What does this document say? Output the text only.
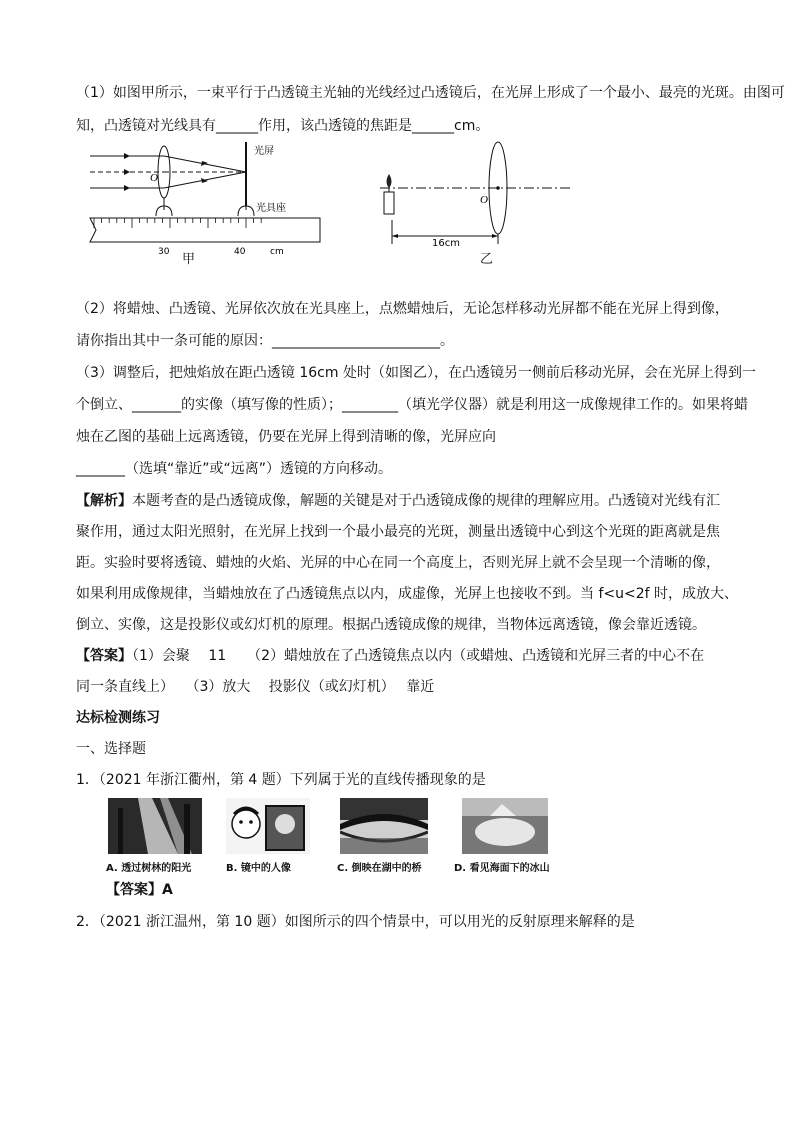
（1）如图甲所示，一束平行于凸透镜主光轴的光线经过凸透镜后，在光屏上形成了一个最小、最亮的光斑。由图可
知，凸透镜对光线具有______作用，该凸透镜的焦距是______cm。
O
光屏
光具座
30	40	cm
甲
O
16cm
乙
（2）将蜡烛、凸透镜、光屏依次放在光具座上，点燃蜡烛后，无论怎样移动光屏都不能在光屏上得到像，
请你指出其中一条可能的原因：________________________。
（3）调整后，把烛焰放在距凸透镜 16cm 处时（如图乙），在凸透镜另一侧前后移动光屏，会在光屏上得到一
个倒立、_______的实像（填写像的性质）；________（填光学仪器）就是利用这一成像规律工作的。如果将蜡
烛在乙图的基础上远离透镜，仍要在光屏上得到清晰的像，光屏应向
_______（选填“靠近”或“远离”）透镜的方向移动。
【解析】本题考查的是凸透镜成像，解题的关键是对于凸透镜成像的规律的理解应用。凸透镜对光线有汇
聚作用，通过太阳光照射，在光屏上找到一个最小最亮的光斑，测量出透镜中心到这个光斑的距离就是焦
距。实验时要将透镜、蜡烛的火焰、光屏的中心在同一个高度上，否则光屏上就不会呈现一个清晰的像，
如果利用成像规律，当蜡烛放在了凸透镜焦点以内，成虚像，光屏上也接收不到。当 f<u<2f 时，成放大、
倒立、实像，这是投影仪或幻灯机的原理。根据凸透镜成像的规律，当物体远离透镜，像会靠近透镜。
【答案】（1）会聚　 11　　（2）蜡烛放在了凸透镜焦点以内（或蜡烛、凸透镜和光屏三者的中心不在
同一条直线上）　 （3）放大　 投影仪（或幻灯机）　 靠近
达标检测练习
一、选择题
1．（2021 年浙江衢州，第 4 题）下列属于光的直线传播现象的是
A. 透过树林的阳光	B. 镜中的人像	C. 倒映在湖中的桥	D. 看见海面下的冰山
【答案】A
2．（2021 浙江温州，第 10 题）如图所示的四个情景中，可以用光的反射原理来解释的是
